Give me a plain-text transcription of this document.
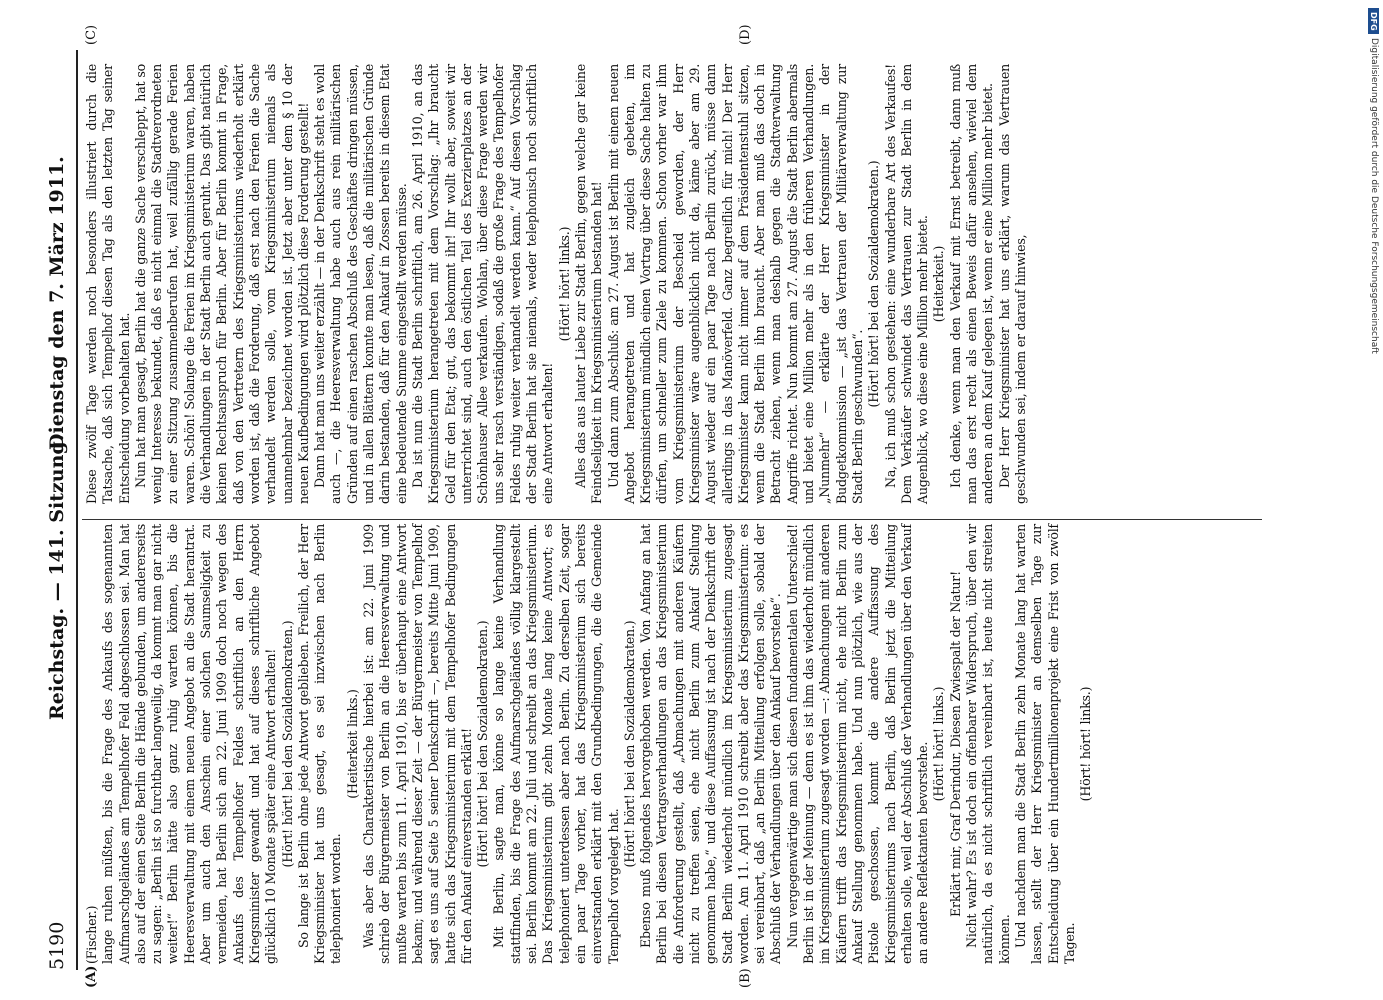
5190
Reichstag. — 141. Sitzung.
Dienstag den 7. März 1911.
(A)	(B)
(C)	(D)

(Fischer.) lange ruhen müßten, bis die Frage des Ankaufs des sogenannten Aufmarschgeländes am Tempelhofer Feld abgeschlossen sei. Man hat also auf der einen Seite Berlin die Hände gebunden, um andererseits zu sagen: „Berlin ist so furchtbar langweilig, da kommt man gar nicht weiter!“ Berlin hätte also ganz ruhig warten können, bis die Heeresverwaltung mit einem neuen Angebot an die Stadt herantrat. Aber um auch den Anschein einer solchen Saumseligkeit zu vermeiden, hat Berlin sich am 22. Juni 1909 doch noch wegen des Ankaufs des Tempelhofer Feldes schriftlich an den Herrn Kriegsminister gewandt und hat auf dieses schriftliche Angebot glücklich 10 Monate später eine Antwort erhalten! (Hört! hört! bei den Sozialdemokraten.) So lange ist Berlin ohne jede Antwort geblieben. Freilich, der Herr Kriegsminister hat uns gesagt, es sei inzwischen nach Berlin telephoniert worden.

(Heiterkeit links.) Was aber das Charakteristische hierbei ist: am 22. Juni 1909 schrieb der Bürgermeister von Berlin an die Heeresverwaltung und mußte warten bis zum 11. April 1910, bis er überhaupt eine Antwort bekam; und während dieser Zeit — der Bürgermeister von Tempelhof sagt es uns auf Seite 5 seiner Denkschrift —, bereits Mitte Juni 1909, hatte sich das Kriegsministerium mit dem Tempelhofer Bedingungen für den Ankauf einverstanden erklärt! (Hört! hört! bei den Sozialdemokraten.) Mit Berlin, sagte man, könne so lange keine Verhandlung stattfinden, bis die Frage des Aufmarschgeländes völlig klargestellt sei. Berlin kommt am 22. Juli und schreibt an das Kriegsministerium. Das Kriegsministerium gibt zehn Monate lang keine Antwort; es telephoniert unterdessen aber nach Berlin. Zu derselben Zeit, sogar ein paar Tage vorher, hat das Kriegsministerium sich bereits einverstanden erklärt mit den Grundbedingungen, die die Gemeinde Tempelhof vorgelegt hat.

(Hört! hört! bei den Sozialdemokraten.) Ebenso muß folgendes hervorgehoben werden. Von Anfang an hat Berlin bei diesen Vertragsverhandlungen an das Kriegsministerium die Anforderung gestellt, daß „Abmachungen mit anderen Käufern nicht zu treffen seien, ehe nicht Berlin zum Ankauf Stellung genommen habe,“ und diese Auffassung ist nach der Denkschrift der Stadt Berlin wiederholt mündlich im Kriegsministerium zugesagt worden. Am 11. April 1910 schreibt aber das Kriegsministerium: es sei vereinbart, daß „an Berlin Mitteilung erfolgen solle, sobald der Abschluß der Verhandlungen über den Ankauf bevorstehe“. Nun vergegenwärtige man sich diesen fundamentalen Unterschied! Berlin ist in der Meinung — denn es ist ihm das wiederholt mündlich im Kriegsministerium zugesagt worden —: Abmachungen mit anderen Käufern trifft das Kriegsministerium nicht, ehe nicht Berlin zum Ankauf Stellung genommen habe. Und nun plötzlich, wie aus der Pistole geschossen, kommt die andere Auffassung des Kriegsministeriums nach Berlin, daß Berlin jetzt die Mitteilung erhalten solle, weil der Abschluß der Verhandlungen über den Verkauf an andere Reflektanten bevorstehe. (Hört! hört! links.) Erklärt mir, Graf Derindur, Diesen Zwiespalt der Natur! Nicht wahr? Es ist doch ein offenbarer Widerspruch, über den wir natürlich, da es nicht schriftlich vereinbart ist, heute nicht streiten können. Und nachdem man die Stadt Berlin zehn Monate lang hat warten lassen, stellt der Herr Kriegsminister an demselben Tage zur Entscheidung über ein Hundertmillionenprojekt eine Frist von zwölf Tagen.

(Hört! hört! links.)

Diese zwölf Tage werden noch besonders illustriert durch die Tatsache, daß sich Tempelhof diesen Tag als den letzten Tag seiner Entscheidung vorbehalten hat. Nun hat man gesagt, Berlin hat die ganze Sache verschleppt, hat so wenig Interesse bekundet, daß es nicht einmal die Stadtverordneten zu einer Sitzung zusammenberufen hat, weil zufällig gerade Ferien waren. Schön! Solange die Ferien im Kriegsministerium waren, haben die Verhandlungen in der Stadt Berlin auch geruht. Das gibt natürlich keinen Rechtsanspruch für Berlin. Aber für Berlin kommt in Frage, daß von den Vertretern des Kriegsministeriums wiederholt erklärt worden ist, daß die Forderung, daß erst nach den Ferien die Sache verhandelt werden solle, vom Kriegsministerium niemals als unannehmbar bezeichnet worden ist. Jetzt aber unter dem § 10 der neuen Kaufbedingungen wird plötzlich diese Forderung gestellt! Dann hat man uns weiter erzählt — in der Denkschrift steht es wohl auch —, die Heeresverwaltung habe auch aus rein militärischen Gründen auf einen raschen Abschluß des Geschäftes dringen müssen, und in allen Blättern konnte man lesen, daß die militärischen Gründe darin bestanden, daß für den Ankauf in Zossen bereits in diesem Etat eine bedeutende Summe eingestellt werden müsse. Da ist nun die Stadt Berlin schriftlich, am 26. April 1910, an das Kriegsministerium herangetreten mit dem Vorschlag: „Ihr braucht Geld für den Etat; gut, das bekommt ihr! Ihr wollt aber, soweit wir unterrichtet sind, auch den östlichen Teil des Exerzierplatzes an der Schönhauser Allee verkaufen. Wohlan, über diese Frage werden wir uns sehr rasch verständigen, sodaß die große Frage des Tempelhofer Feldes ruhig weiter verhandelt werden kann.“ Auf diesen Vorschlag der Stadt Berlin hat sie niemals, weder telephonisch noch schriftlich eine Antwort erhalten!

(Hört! hört! links.) Alles das aus lauter Liebe zur Stadt Berlin, gegen welche gar keine Feindseligkeit im Kriegsministerium bestanden hat! Und dann zum Abschluß: am 27. August ist Berlin mit einem neuen Angebot herangetreten und hat zugleich gebeten, im Kriegsministerium mündlich einen Vortrag über diese Sache halten zu dürfen, um schneller zum Ziele zu kommen. Schon vorher war ihm vom Kriegsministerium der Bescheid geworden, der Herr Kriegsminister wäre augenblicklich nicht da, käme aber am 29. August wieder auf ein paar Tage nach Berlin zurück, müsse dann allerdings in das Manöverfeld. Ganz begreiflich für mich! Der Herr Kriegsminister kann nicht immer auf dem Präsidentenstuhl sitzen, wenn die Stadt Berlin ihn braucht. Aber man muß das doch in Betracht ziehen, wenn man deshalb gegen die Stadtverwaltung Angriffe richtet. Nun kommt am 27. August die Stadt Berlin abermals und bietet eine Million mehr als in den früheren Verhandlungen. „Nunmehr“ — erklärte der Herr Kriegsminister in der Budgetkommission — „ist das Vertrauen der Militärverwaltung zur Stadt Berlin geschwunden“.

(Hört! hört! bei den Sozialdemokraten.) Na, ich muß schon gestehen: eine wunderbare Art des Verkaufes! Dem Verkäufer schwindet das Vertrauen zur Stadt Berlin in dem Augenblick, wo diese eine Million mehr bietet. (Heiterkeit.) Ich denke, wenn man den Verkauf mit Ernst betreibt, dann muß man das erst recht als einen Beweis dafür ansehen, wieviel dem anderen an dem Kauf gelegen ist, wenn er eine Million mehr bietet. Der Herr Kriegsminister hat uns erklärt, warum das Vertrauen geschwunden sei, indem er darauf hinwies,

DFG
Digitalisierung gefördert durch die Deutsche Forschungsgemeinschaft
